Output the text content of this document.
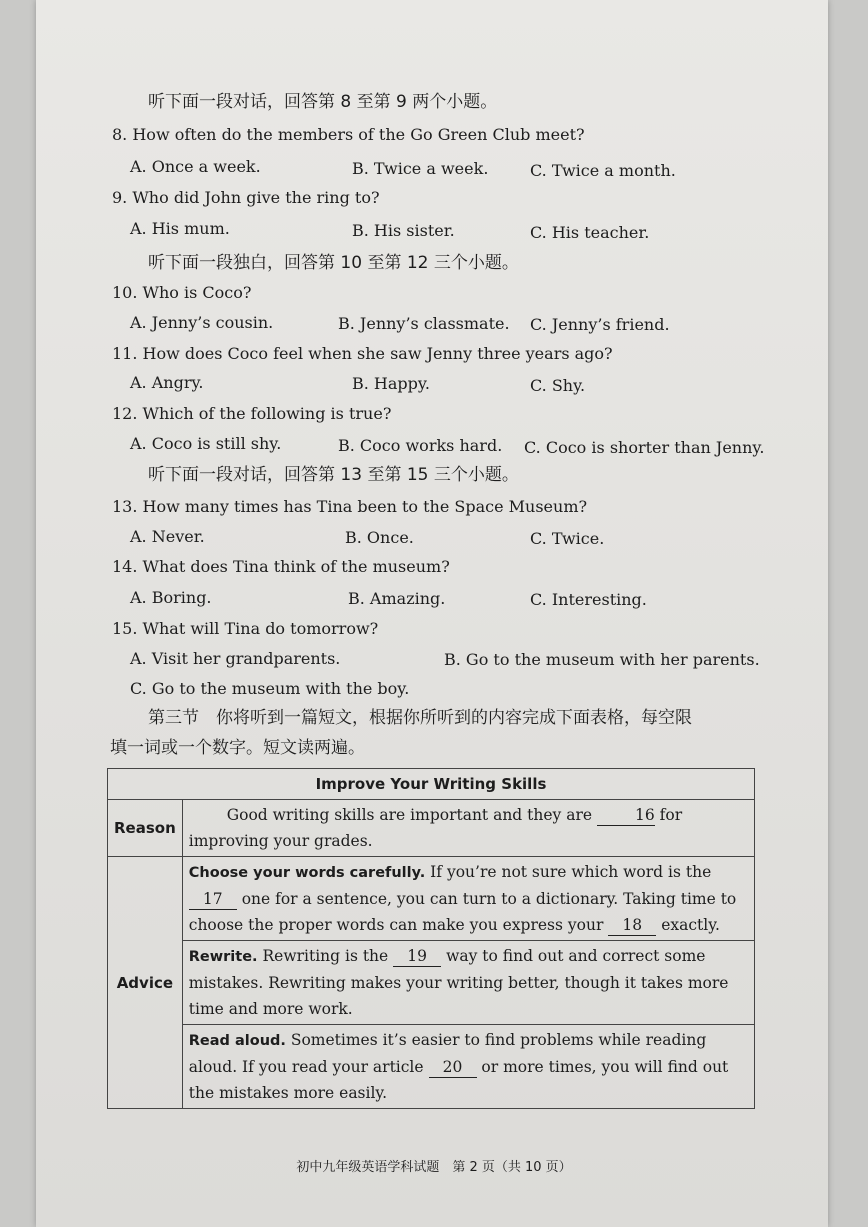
听下面一段对话，回答第 8 至第 9 两个小题。
8. How often do the members of the Go Green Club meet?
A. Once a week.	B. Twice a week.	C. Twice a month.
9. Who did John give the ring to?
A. His mum.	B. His sister.	C. His teacher.
听下面一段独白，回答第 10 至第 12 三个小题。
10. Who is Coco?
A. Jenny’s cousin.	B. Jenny’s classmate. C. Jenny’s friend.
11. How does Coco feel when she saw Jenny three years ago?
A. Angry.	B. Happy.	C. Shy.
12. Which of the following is true?
A. Coco is still shy.	B. Coco works hard. C. Coco is shorter than Jenny.
听下面一段对话，回答第 13 至第 15 三个小题。
13. How many times has Tina been to the Space Museum?
A. Never.	B. Once.	C. Twice.
14. What does Tina think of the museum?
A. Boring.	B. Amazing.	C. Interesting.
15. What will Tina do tomorrow?
A. Visit her grandparents.	B. Go to the museum with her parents.
C. Go to the museum with the boy.
第三节　你将听到一篇短文，根据你所听到的内容完成下面表格，每空限
填一词或一个数字。短文读两遍。
Improve Your Writing Skills	
Reason	Good writing skills are important and they are 16 for improving your grades.
Advice	Choose your words carefully. If you’re not sure which word is the 17 one for a sentence, you can turn to a dictionary. Taking time to choose the proper words can make you express your 18 exactly.
	Rewrite. Rewriting is the 19 way to find out and correct some mistakes. Rewriting makes your writing better, though it takes more time and more work.
	Read aloud. Sometimes it’s easier to find problems while reading aloud. If you read your article 20 or more times, you will find out the mistakes more easily.
初中九年级英语学科试题　第 2 页（共 10 页）
